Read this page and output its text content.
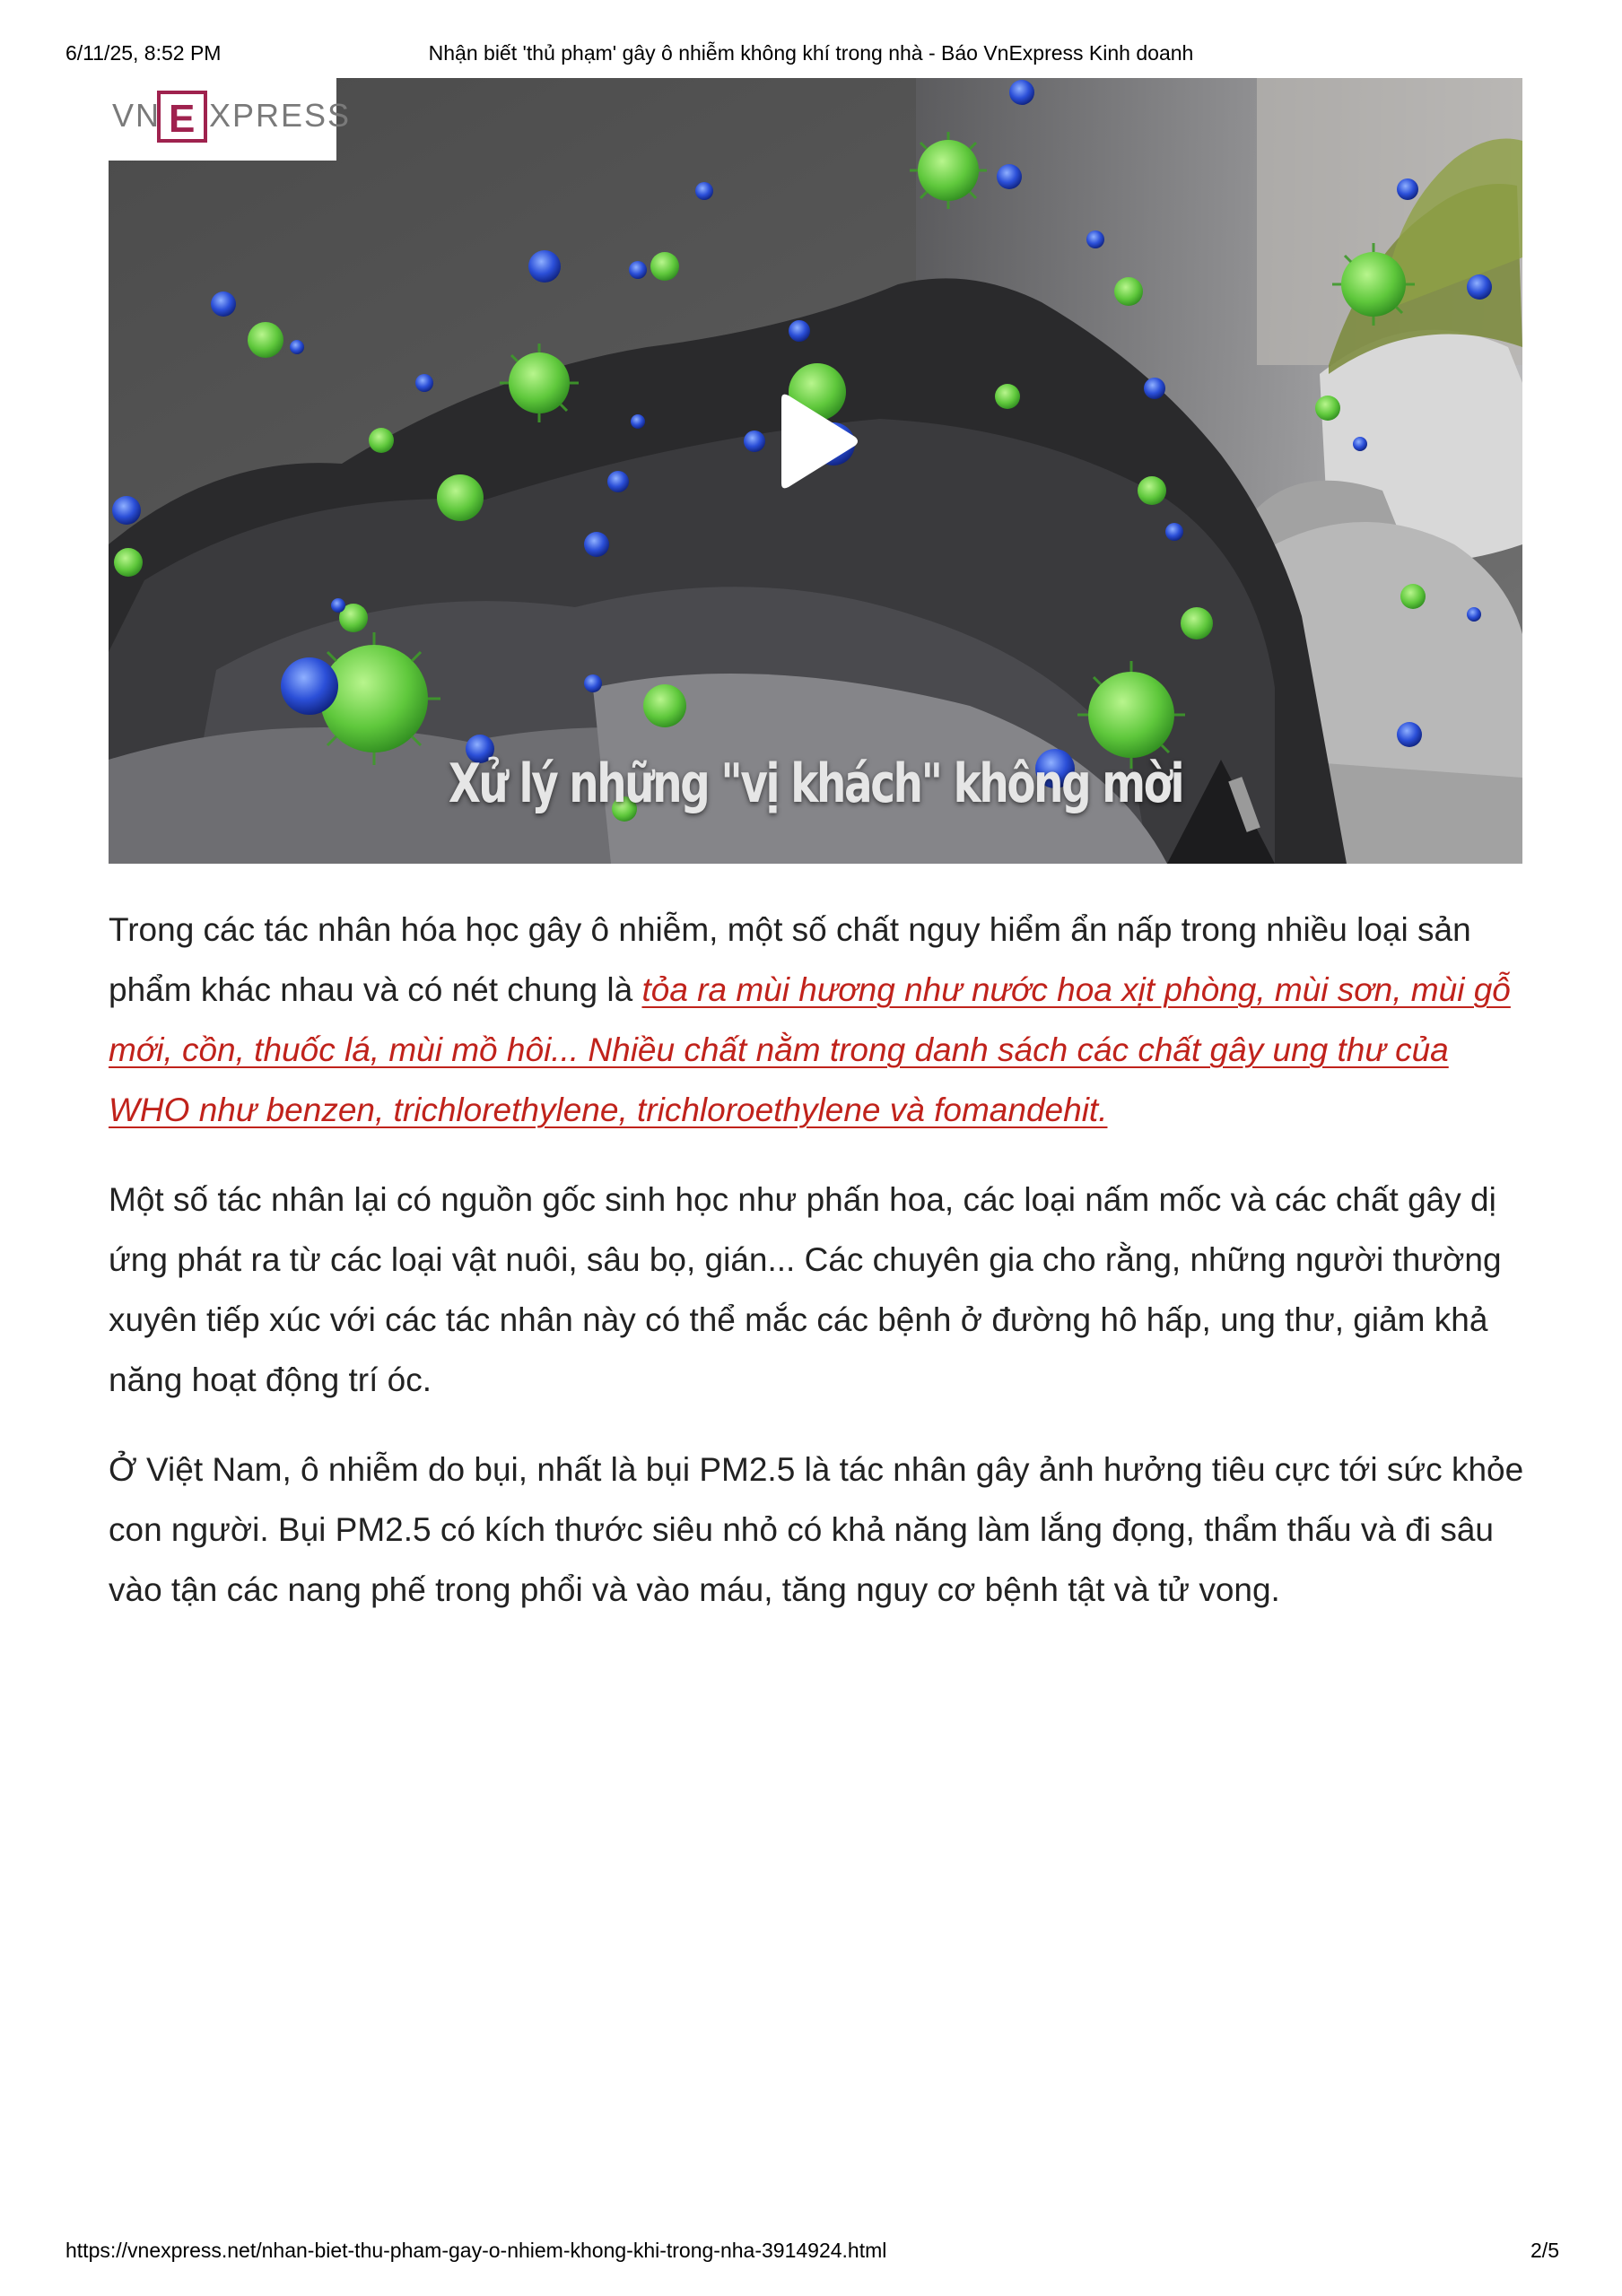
6/11/25, 8:52 PM	Nhận biết 'thủ phạm' gây ô nhiễm không khí trong nhà - Báo VnExpress Kinh doanh
VN E XPRESS
Xử lý những "vị khách" không mời

Trong các tác nhân hóa học gây ô nhiễm, một số chất nguy hiểm ẩn nấp trong nhiều loại sản phẩm khác nhau và có nét chung là tỏa ra mùi hương như nước hoa xịt phòng, mùi sơn, mùi gỗ mới, cồn, thuốc lá, mùi mồ hôi... Nhiều chất nằm trong danh sách các chất gây ung thư của WHO như benzen, trichlorethylene, trichloroethylene và fomandehit.

Một số tác nhân lại có nguồn gốc sinh học như phấn hoa, các loại nấm mốc và các chất gây dị ứng phát ra từ các loại vật nuôi, sâu bọ, gián... Các chuyên gia cho rằng, những người thường xuyên tiếp xúc với các tác nhân này có thể mắc các bệnh ở đường hô hấp, ung thư, giảm khả năng hoạt động trí óc.

Ở Việt Nam, ô nhiễm do bụi, nhất là bụi PM2.5 là tác nhân gây ảnh hưởng tiêu cực tới sức khỏe con người. Bụi PM2.5 có kích thước siêu nhỏ có khả năng làm lắng đọng, thẩm thấu và đi sâu vào tận các nang phế trong phổi và vào máu, tăng nguy cơ bệnh tật và tử vong.

https://vnexpress.net/nhan-biet-thu-pham-gay-o-nhiem-khong-khi-trong-nha-3914924.html	2/5
